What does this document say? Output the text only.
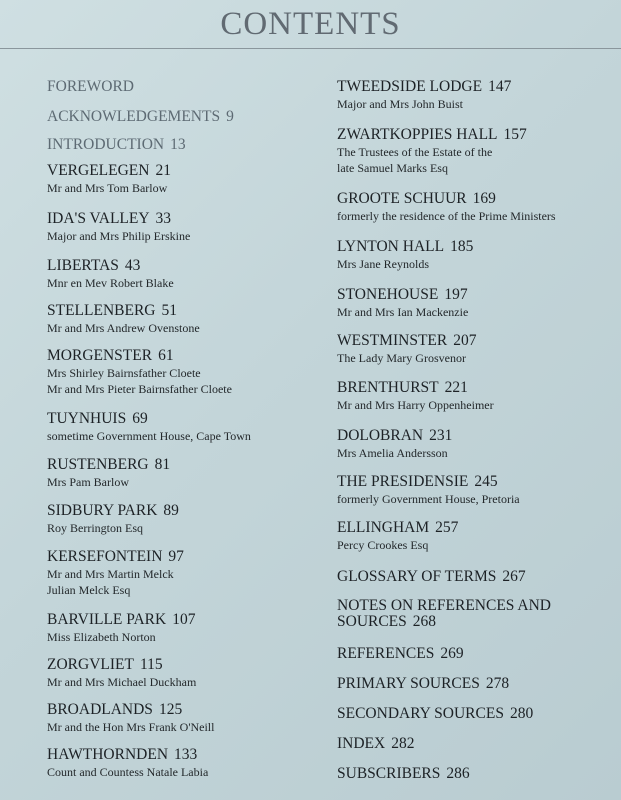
CONTENTS
FOREWORD
ACKNOWLEDGEMENTS 9
INTRODUCTION 13
VERGELEGEN 21
Mr and Mrs Tom Barlow
IDA'S VALLEY 33
Major and Mrs Philip Erskine
LIBERTAS 43
Mnr en Mev Robert Blake
STELLENBERG 51
Mr and Mrs Andrew Ovenstone
MORGENSTER 61
Mrs Shirley Bairnsfather Cloete
Mr and Mrs Pieter Bairnsfather Cloete
TUYNHUIS 69
sometime Government House, Cape Town
RUSTENBERG 81
Mrs Pam Barlow
SIDBURY PARK 89
Roy Berrington Esq
KERSEFONTEIN 97
Mr and Mrs Martin Melck
Julian Melck Esq
BARVILLE PARK 107
Miss Elizabeth Norton
ZORGVLIET 115
Mr and Mrs Michael Duckham
BROADLANDS 125
Mr and the Hon Mrs Frank O'Neill
HAWTHORNDEN 133
Count and Countess Natale Labia
TWEEDSIDE LODGE 147
Major and Mrs John Buist
ZWARTKOPPIES HALL 157
The Trustees of the Estate of the
late Samuel Marks Esq
GROOTE SCHUUR 169
formerly the residence of the Prime Ministers
LYNTON HALL 185
Mrs Jane Reynolds
STONEHOUSE 197
Mr and Mrs Ian Mackenzie
WESTMINSTER 207
The Lady Mary Grosvenor
BRENTHURST 221
Mr and Mrs Harry Oppenheimer
DOLOBRAN 231
Mrs Amelia Andersson
THE PRESIDENSIE 245
formerly Government House, Pretoria
ELLINGHAM 257
Percy Crookes Esq
GLOSSARY OF TERMS 267
NOTES ON REFERENCES AND
SOURCES 268
REFERENCES 269
PRIMARY SOURCES 278
SECONDARY SOURCES 280
INDEX 282
SUBSCRIBERS 286
